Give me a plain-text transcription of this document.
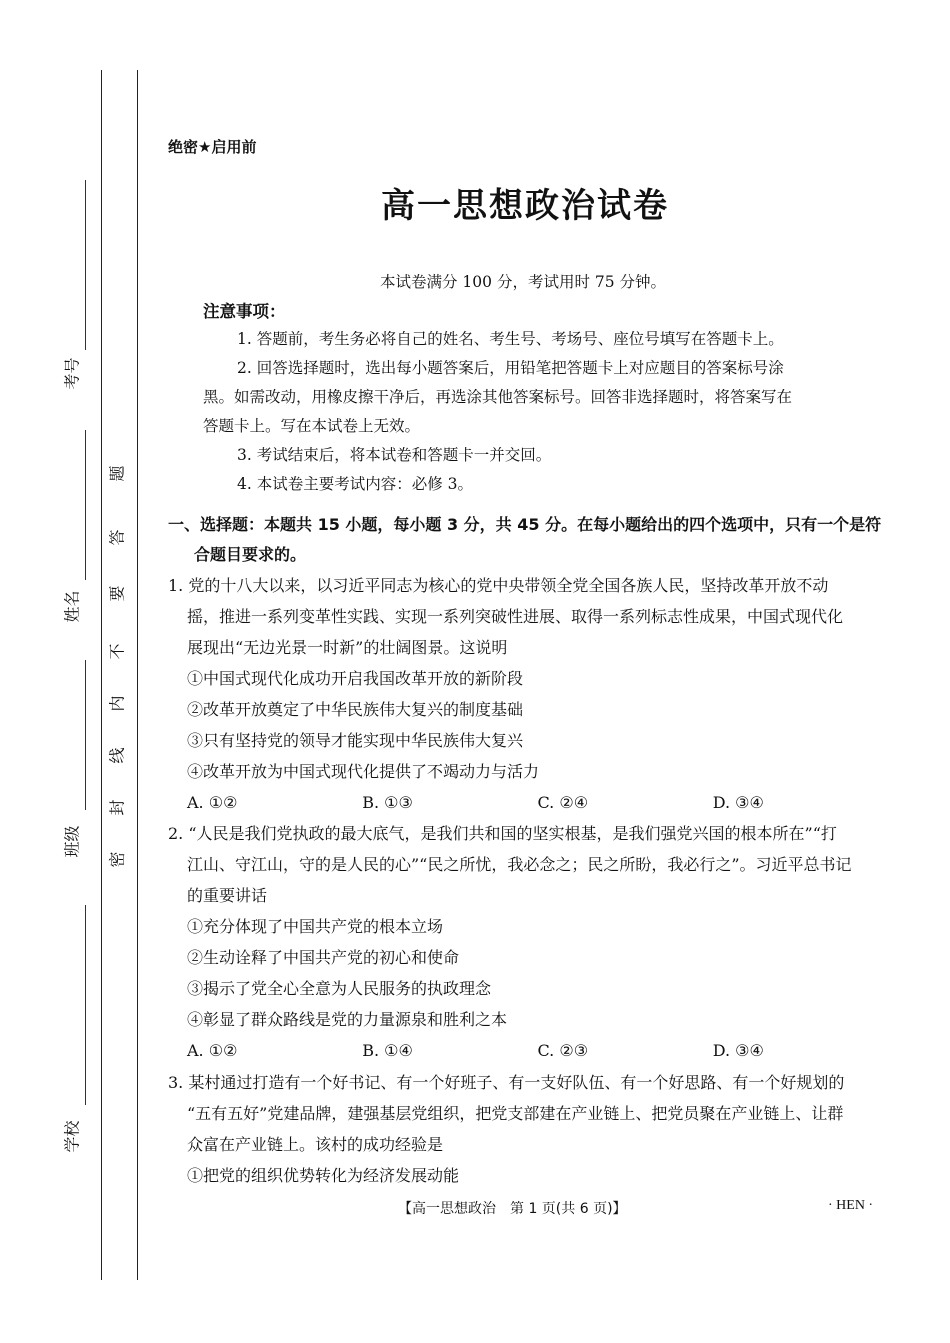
考号
姓名
班级
学校
题
答
要
不
内
线
封
密
绝密★启用前
高一思想政治试卷
本试卷满分 100 分，考试用时 75 分钟。
注意事项：

1. 答题前，考生务必将自己的姓名、考生号、考场号、座位号填写在答题卡上。

2. 回答选择题时，选出每小题答案后，用铅笔把答题卡上对应题目的答案标号涂

黑。如需改动，用橡皮擦干净后，再选涂其他答案标号。回答非选择题时，将答案写在

答题卡上。写在本试卷上无效。

3. 考试结束后，将本试卷和答题卡一并交回。

4. 本试卷主要考试内容：必修 3。

一、选择题：本题共 15 小题，每小题 3 分，共 45 分。在每小题给出的四个选项中，只有一个是符
合题目要求的。

1. 党的十八大以来，以习近平同志为核心的党中央带领全党全国各族人民，坚持改革开放不动

摇，推进一系列变革性实践、实现一系列突破性进展、取得一系列标志性成果，中国式现代化

展现出“无边光景一时新”的壮阔图景。这说明

①中国式现代化成功开启我国改革开放的新阶段

②改革开放奠定了中华民族伟大复兴的制度基础

③只有坚持党的领导才能实现中华民族伟大复兴

④改革开放为中国式现代化提供了不竭动力与活力

A. ①②	B. ①③	C. ②④	D. ③④

2. “人民是我们党执政的最大底气，是我们共和国的坚实根基，是我们强党兴国的根本所在”“打

江山、守江山，守的是人民的心”“民之所忧，我必念之；民之所盼，我必行之”。习近平总书记

的重要讲话

①充分体现了中国共产党的根本立场

②生动诠释了中国共产党的初心和使命

③揭示了党全心全意为人民服务的执政理念

④彰显了群众路线是党的力量源泉和胜利之本

A. ①②	B. ①④	C. ②③	D. ③④

3. 某村通过打造有一个好书记、有一个好班子、有一支好队伍、有一个好思路、有一个好规划的

“五有五好”党建品牌，建强基层党组织，把党支部建在产业链上、把党员聚在产业链上、让群

众富在产业链上。该村的成功经验是

①把党的组织优势转化为经济发展动能

【高一思想政治　第 1 页(共 6 页)】	· HEN ·
